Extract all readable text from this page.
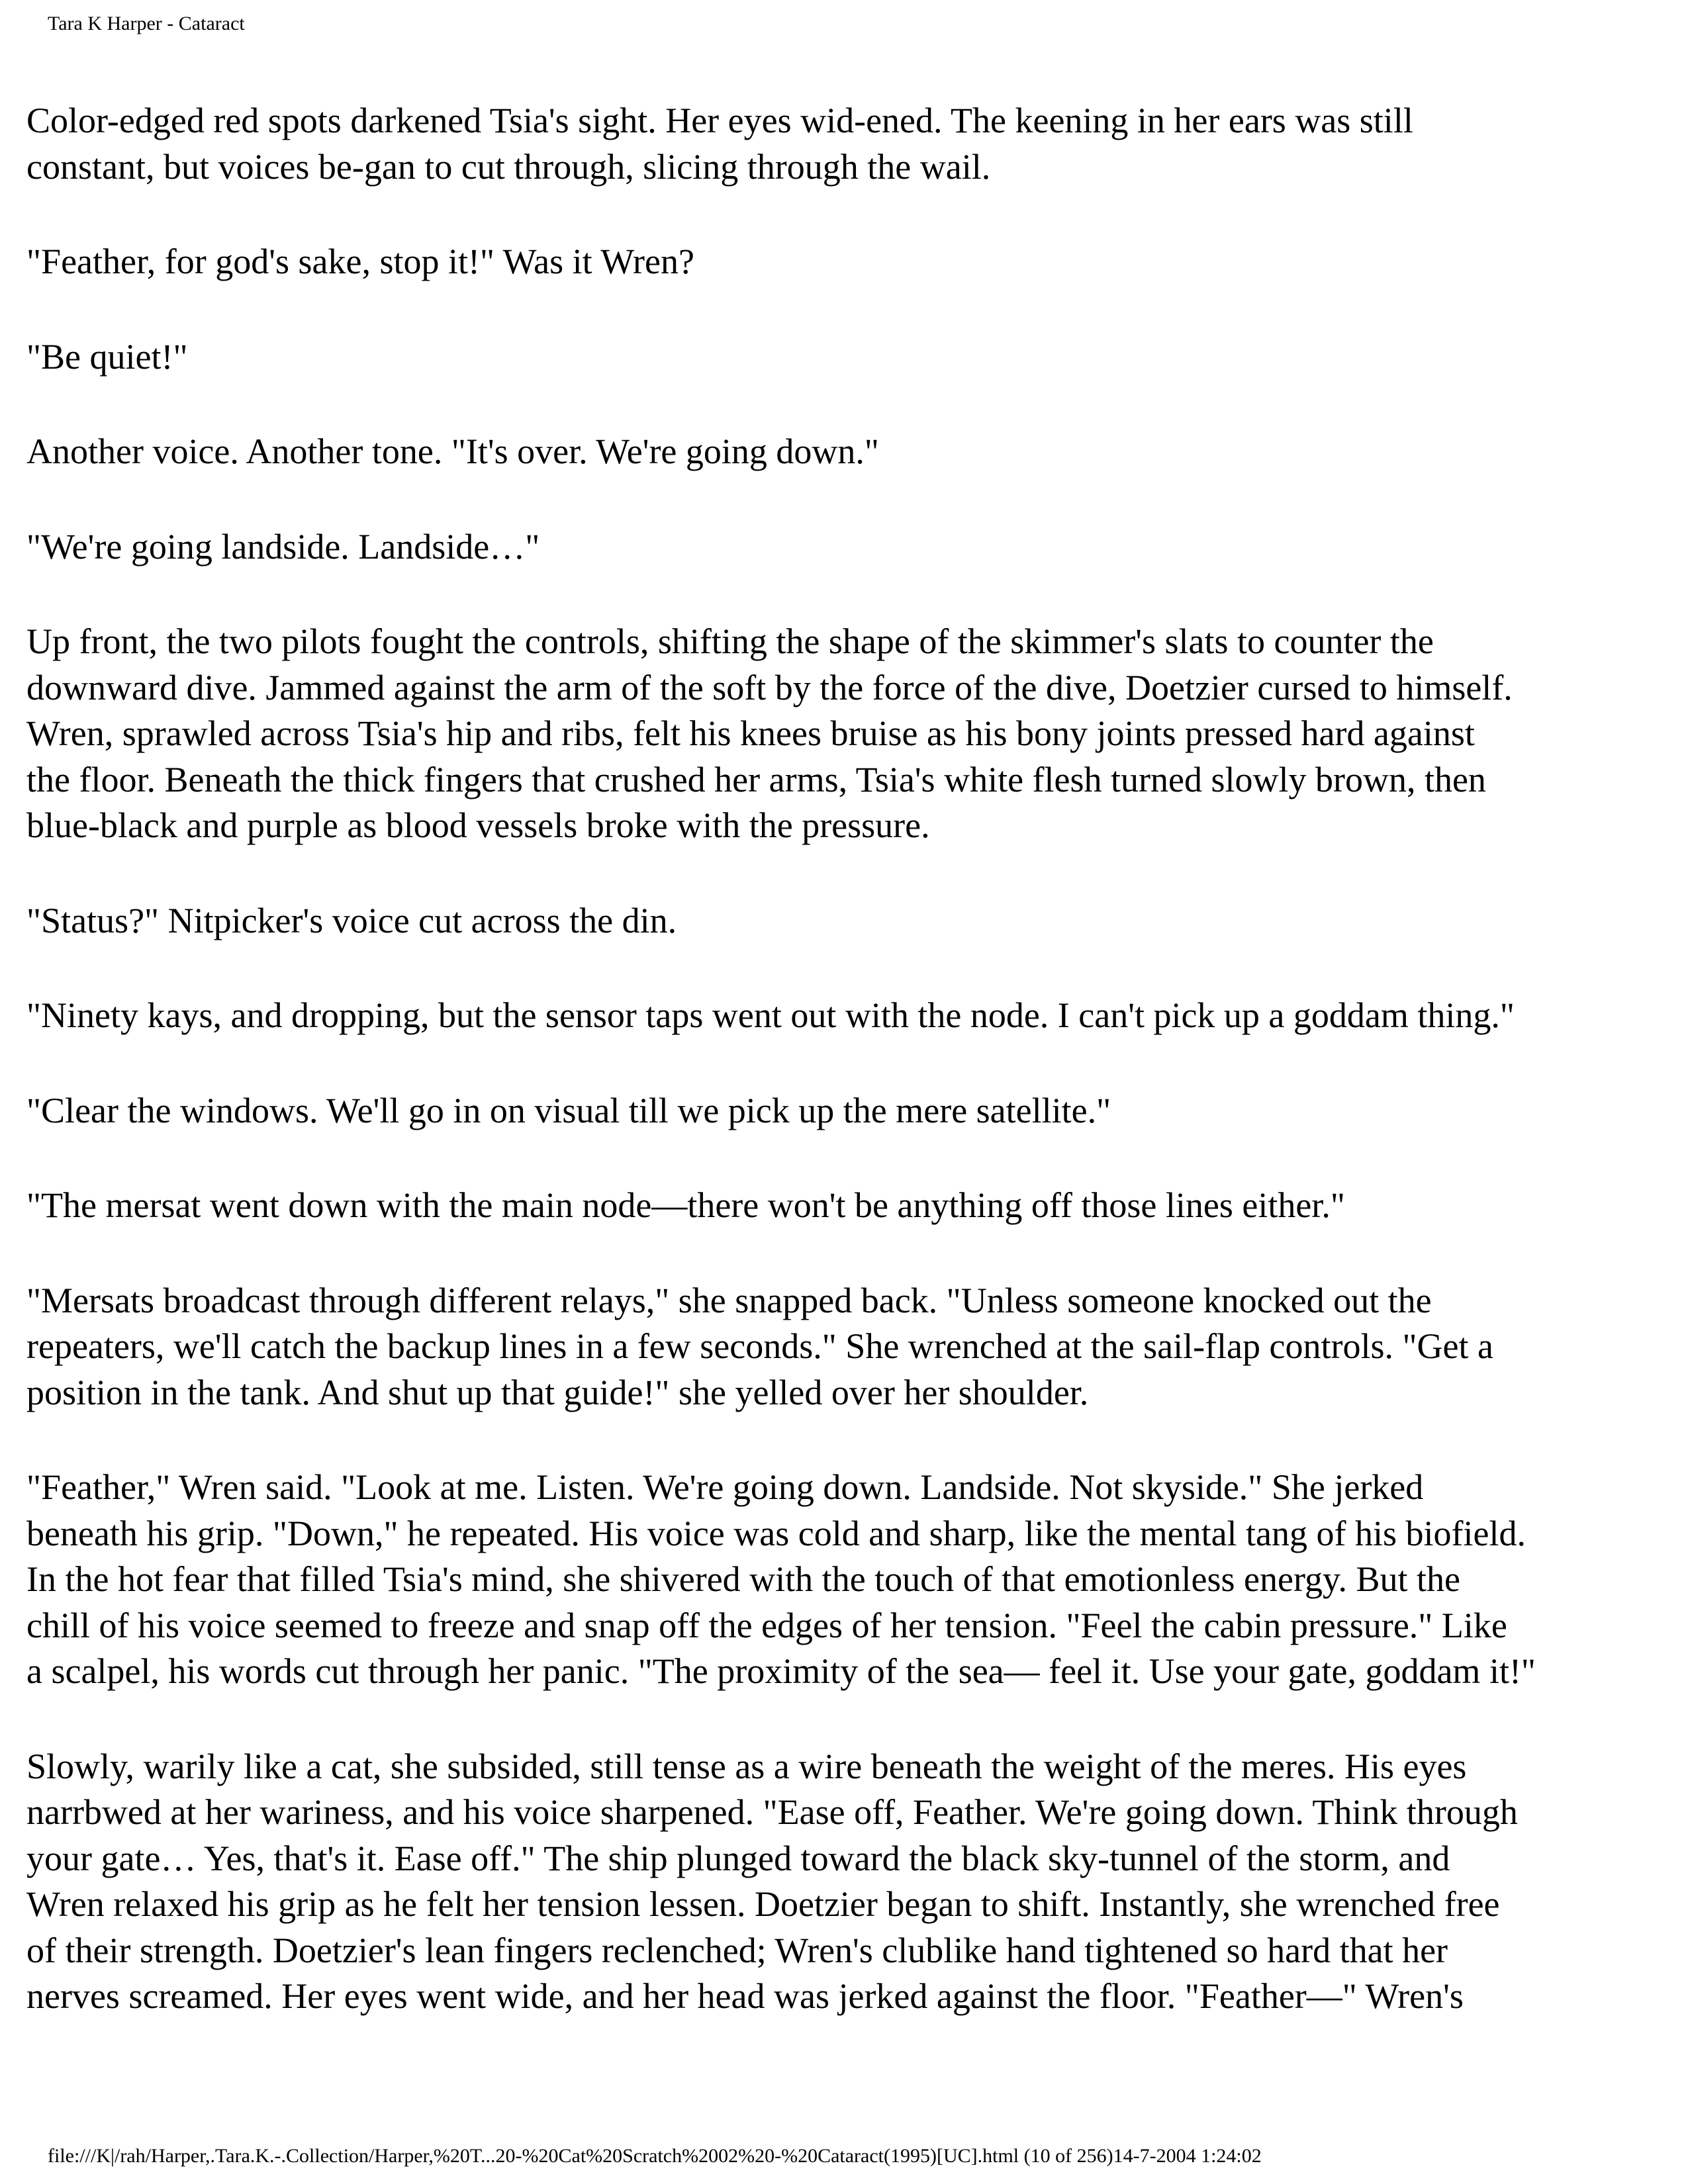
Tara K Harper - Cataract

Color-edged red spots darkened Tsia's sight. Her eyes wid-ened. The keening in her ears was still
constant, but voices be-gan to cut through, slicing through the wail.

"Feather, for god's sake, stop it!" Was it Wren?

"Be quiet!"

Another voice. Another tone. "It's over. We're going down."

"We're going landside. Landside…"

Up front, the two pilots fought the controls, shifting the shape of the skimmer's slats to counter the
downward dive. Jammed against the arm of the soft by the force of the dive, Doetzier cursed to himself.
Wren, sprawled across Tsia's hip and ribs, felt his knees bruise as his bony joints pressed hard against
the floor. Beneath the thick fingers that crushed her arms, Tsia's white flesh turned slowly brown, then
blue-black and purple as blood vessels broke with the pressure.

"Status?" Nitpicker's voice cut across the din.

"Ninety kays, and dropping, but the sensor taps went out with the node. I can't pick up a goddam thing."

"Clear the windows. We'll go in on visual till we pick up the mere satellite."

"The mersat went down with the main node—there won't be anything off those lines either."

"Mersats broadcast through different relays," she snapped back. "Unless someone knocked out the
repeaters, we'll catch the backup lines in a few seconds." She wrenched at the sail-flap controls. "Get a
position in the tank. And shut up that guide!" she yelled over her shoulder.

"Feather," Wren said. "Look at me. Listen. We're going down. Landside. Not skyside." She jerked
beneath his grip. "Down," he repeated. His voice was cold and sharp, like the mental tang of his biofield.
In the hot fear that filled Tsia's mind, she shivered with the touch of that emotionless energy. But the
chill of his voice seemed to freeze and snap off the edges of her tension. "Feel the cabin pressure." Like
a scalpel, his words cut through her panic. "The proximity of the sea— feel it. Use your gate, goddam it!"

Slowly, warily like a cat, she subsided, still tense as a wire beneath the weight of the meres. His eyes
narrbwed at her wariness, and his voice sharpened. "Ease off, Feather. We're going down. Think through
your gate… Yes, that's it. Ease off." The ship plunged toward the black sky-tunnel of the storm, and
Wren relaxed his grip as he felt her tension lessen. Doetzier began to shift. Instantly, she wrenched free
of their strength. Doetzier's lean fingers reclenched; Wren's clublike hand tightened so hard that her
nerves screamed. Her eyes went wide, and her head was jerked against the floor. "Feather—" Wren's

file:///K|/rah/Harper,.Tara.K.-.Collection/Harper,%20T...20-%20Cat%20Scratch%2002%20-%20Cataract(1995)[UC].html (10 of 256)14-7-2004 1:24:02
